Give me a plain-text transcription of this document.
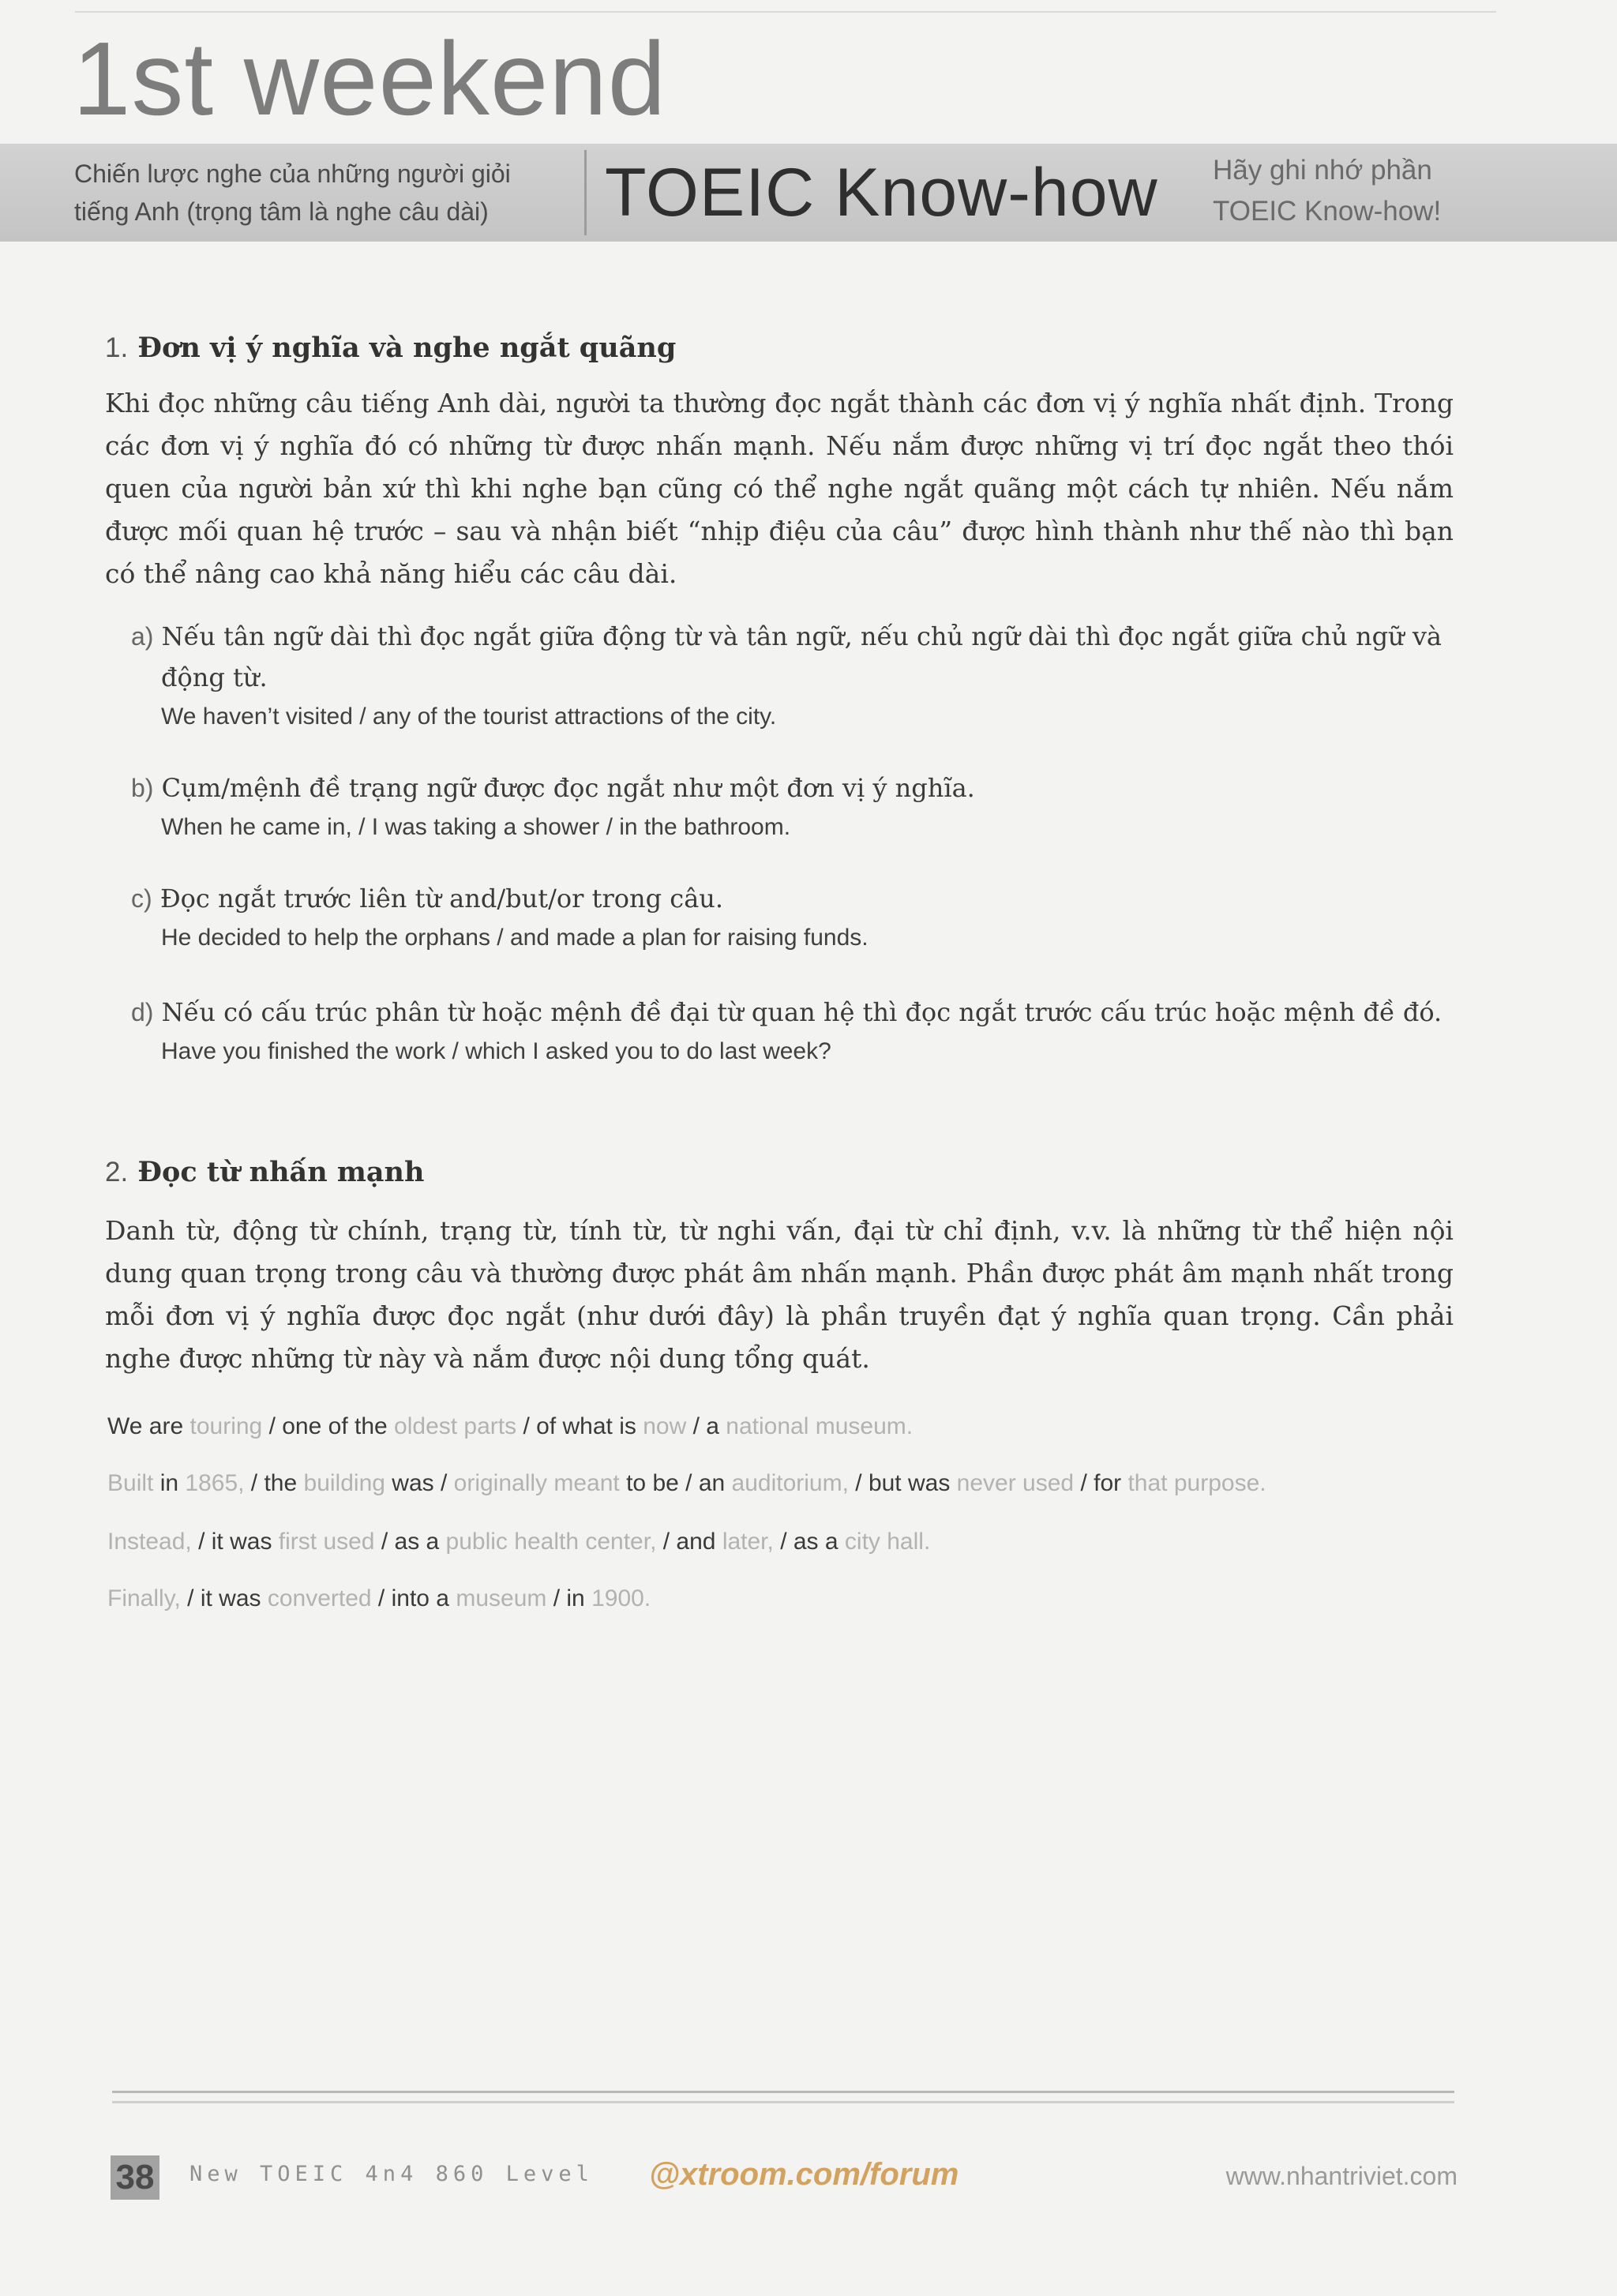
1st weekend
Chiến lược nghe của những người giỏi
tiếng Anh (trọng tâm là nghe câu dài)	TOEIC Know-how Hãy ghi nhớ phần
TOEIC Know-how!
1. Đơn vị ý nghĩa và nghe ngắt quãng
Khi đọc những câu tiếng Anh dài, người ta thường đọc ngắt thành các đơn vị ý nghĩa nhất định. Trong các đơn vị ý nghĩa đó có những từ được nhấn mạnh. Nếu nắm được những vị trí đọc ngắt theo thói quen của người bản xứ thì khi nghe bạn cũng có thể nghe ngắt quãng một cách tự nhiên. Nếu nắm được mối quan hệ trước – sau và nhận biết “nhịp điệu của câu” được hình thành như thế nào thì bạn có thể nâng cao khả năng hiểu các câu dài.
a) Nếu tân ngữ dài thì đọc ngắt giữa động từ và tân ngữ, nếu chủ ngữ dài thì đọc ngắt giữa chủ ngữ và động từ.
We haven’t visited / any of the tourist attractions of the city.
b) Cụm/mệnh đề trạng ngữ được đọc ngắt như một đơn vị ý nghĩa.
When he came in, / I was taking a shower / in the bathroom.
c) Đọc ngắt trước liên từ and/but/or trong câu.
He decided to help the orphans / and made a plan for raising funds.
d) Nếu có cấu trúc phân từ hoặc mệnh đề đại từ quan hệ thì đọc ngắt trước cấu trúc hoặc mệnh đề đó.
Have you finished the work / which I asked you to do last week?
2. Đọc từ nhấn mạnh
Danh từ, động từ chính, trạng từ, tính từ, từ nghi vấn, đại từ chỉ định, v.v. là những từ thể hiện nội dung quan trọng trong câu và thường được phát âm nhấn mạnh. Phần được phát âm mạnh nhất trong mỗi đơn vị ý nghĩa được đọc ngắt (như dưới đây) là phần truyền đạt ý nghĩa quan trọng. Cần phải nghe được những từ này và nắm được nội dung tổng quát.
We are touring / one of the oldest parts / of what is now / a national museum.
Built in 1865, / the building was / originally meant to be / an auditorium, / but was never used / for that purpose.
Instead, / it was first used / as a public health center, / and later, / as a city hall.
Finally, / it was converted / into a museum / in 1900.
38 New TOEIC 4n4 860 Level @xtroom.com/forum	www.nhantriviet.com
